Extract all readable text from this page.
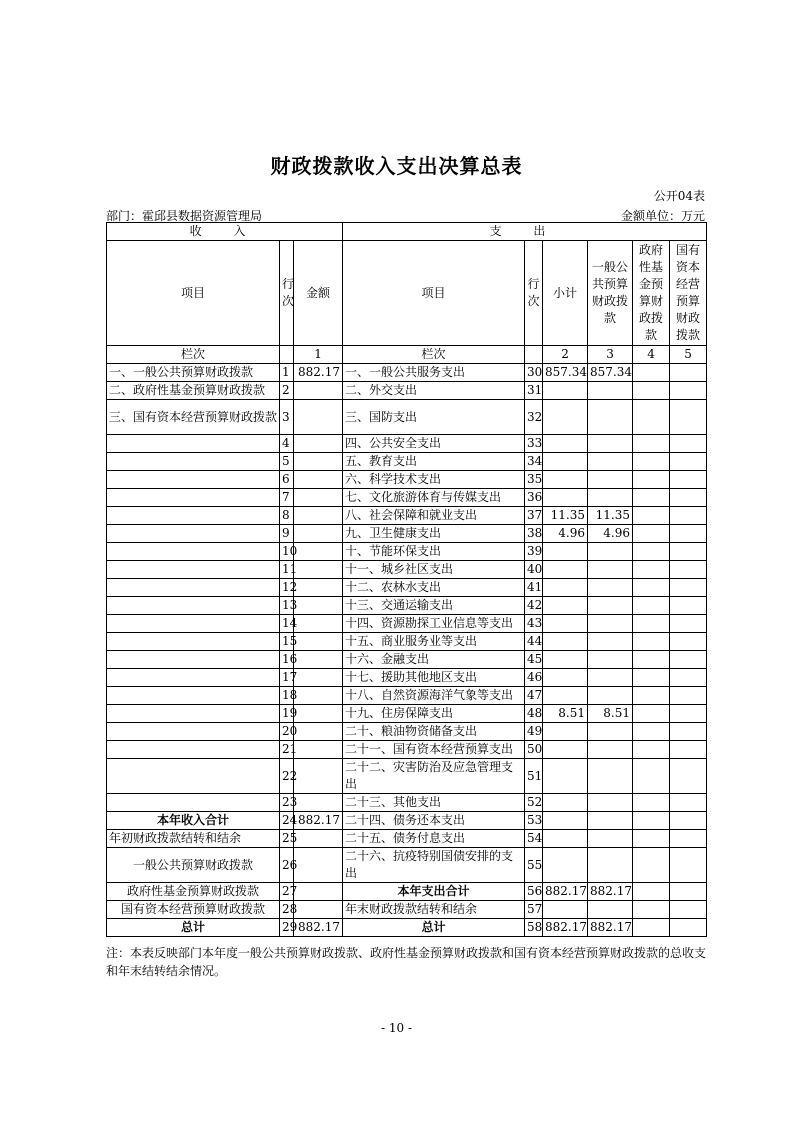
财政拨款收入支出决算总表
公开04表
部门：霍邱县数据资源管理局	金额单位：万元
收 入			支 出					
项目	行次	金额	项目	行次	小计	一般公共预算财政拨款	政府性基金预算财政拨款	国有资本经营预算财政拨款
栏次		1	栏次		2	3	4	5
一、一般公共预算财政拨款	1	882.17	一、一般公共服务支出	30	857.34	857.34		
二、政府性基金预算财政拨款	2		二、外交支出	31				
三、国有资本经营预算财政拨款	3		三、国防支出	32				
	4		四、公共安全支出	33				
	5		五、教育支出	34				
	6		六、科学技术支出	35				
	7		七、文化旅游体育与传媒支出	36				
	8		八、社会保障和就业支出	37	11.35	11.35		
	9		九、卫生健康支出	38	4.96	4.96		
	10		十、节能环保支出	39				
	11		十一、城乡社区支出	40				
	12		十二、农林水支出	41				
	13		十三、交通运输支出	42				
	14		十四、资源勘探工业信息等支出	43				
	15		十五、商业服务业等支出	44				
	16		十六、金融支出	45				
	17		十七、援助其他地区支出	46				
	18		十八、自然资源海洋气象等支出	47				
	19		十九、住房保障支出	48	8.51	8.51		
	20		二十、粮油物资储备支出	49				
	21		二十一、国有资本经营预算支出	50				
	22		二十二、灾害防治及应急管理支出	51				
	23		二十三、其他支出	52				
本年收入合计	24	882.17	二十四、债务还本支出	53				
年初财政拨款结转和结余	25		二十五、债务付息支出	54				
一般公共预算财政拨款	26		二十六、抗疫特别国债安排的支出	55				
政府性基金预算财政拨款	27		本年支出合计	56	882.17	882.17		
国有资本经营预算财政拨款	28		年末财政拨款结转和结余	57				
总计	29	882.17	总计	58	882.17	882.17		
注：本表反映部门本年度一般公共预算财政拨款、政府性基金预算财政拨款和国有资本经营预算财政拨款的总收支和年末结转结余情况。
- 10 -
